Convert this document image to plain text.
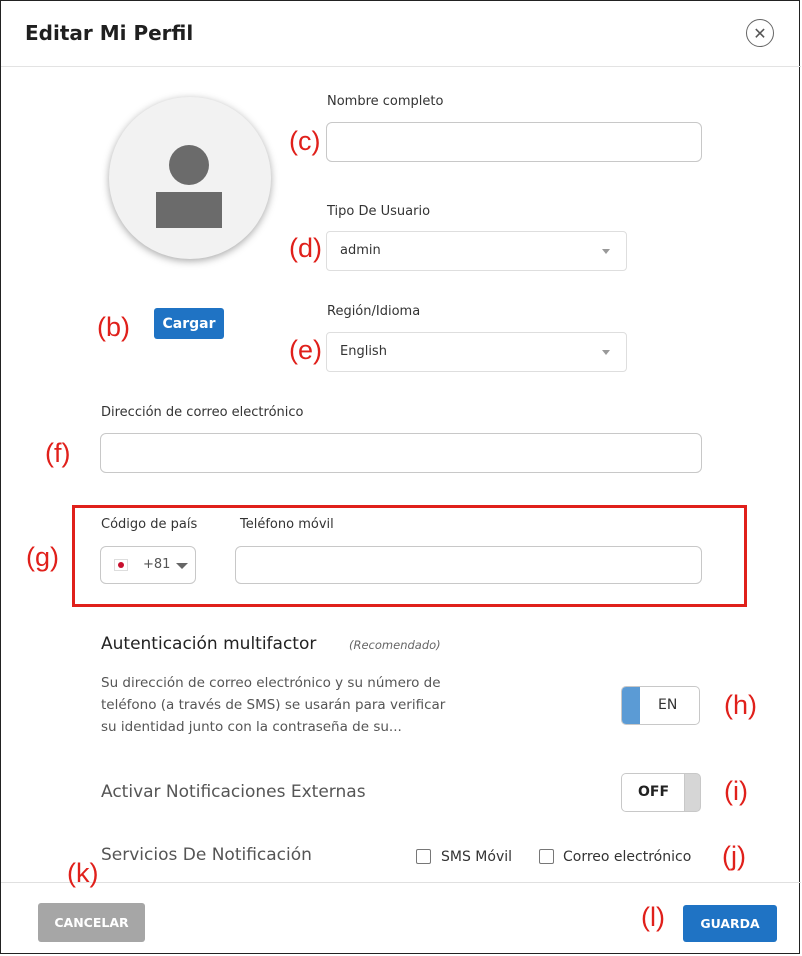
Editar Mi Perfil	✕
Cargar
Nombre completo
Tipo De Usuario
admin
Región/Idioma
English
Dirección de correo electrónico
Código de país	Teléfono móvil
+81
Autenticación multifactor	(Recomendado)
Su dirección de correo electrónico y su número de
teléfono (a través de SMS) se usarán para verificar
su identidad junto con la contraseña de su...
EN
Activar Notificaciones Externas	OFF
Servicios De Notificación	SMS Móvil	Correo electrónico
CANCELAR	GUARDA
(b)
(c)
(d)
(e)
(f)
(g)
(h)
(i)
(j)
(k)
(l)
